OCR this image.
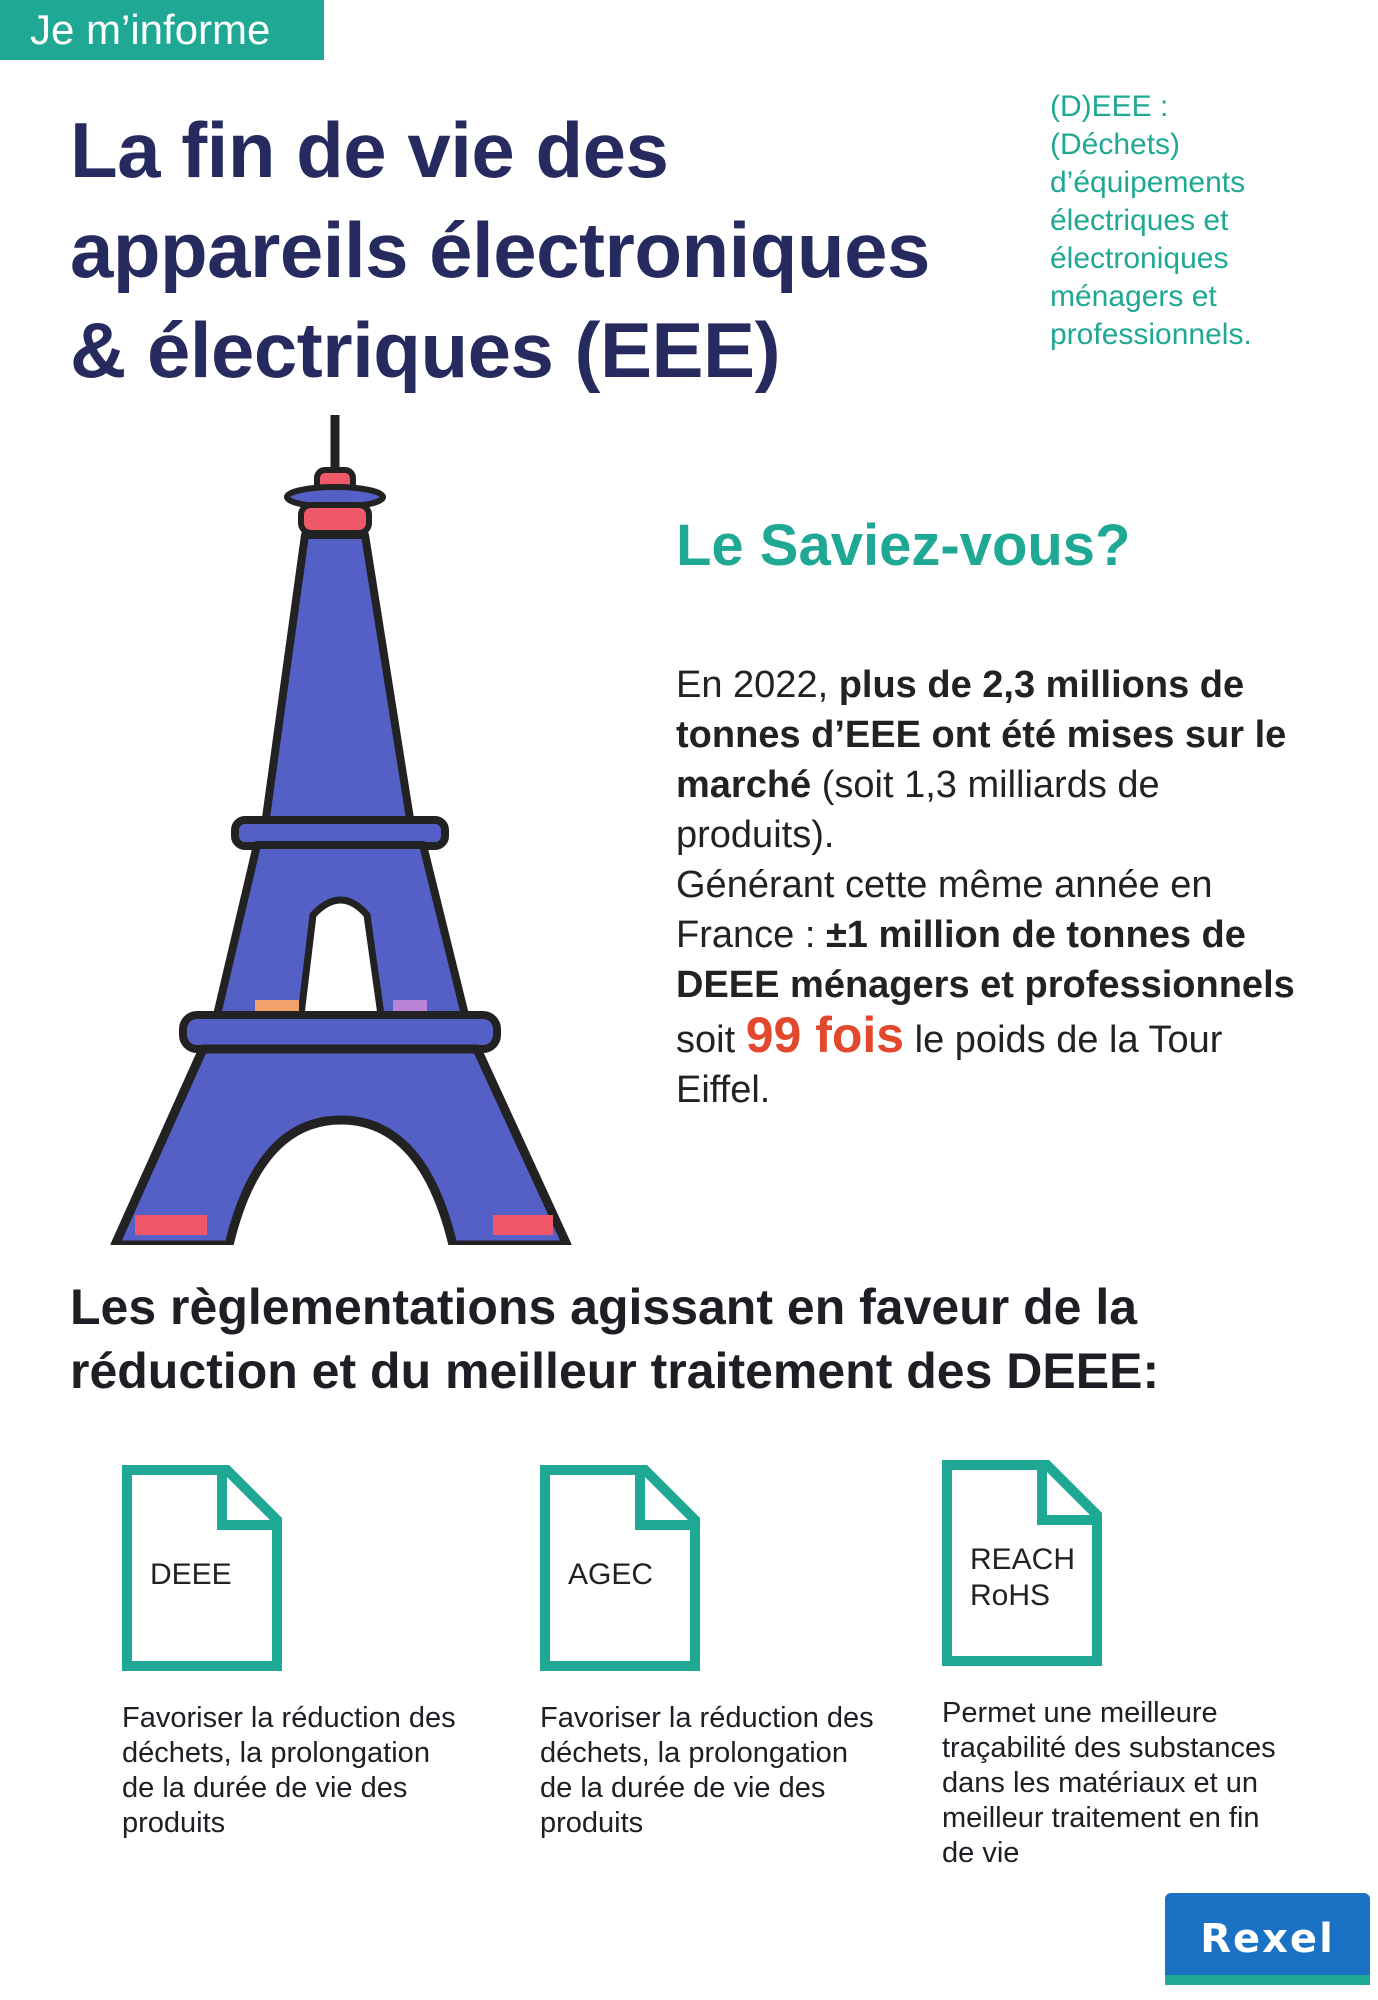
Je m’informe
La fin de vie des
appareils électroniques
& électriques (EEE)
(D)EEE :
(Déchets) d’équipements électriques et électroniques ménagers et professionnels.
Le Saviez-vous?

En 2022, plus de 2,3 millions de tonnes d’EEE ont été mises sur le marché (soit 1,3 milliards de produits).
Générant cette même année en France : ±1 million de tonnes de DEEE ménagers et professionnels soit 99 fois le poids de la Tour Eiffel.

Les règlementations agissant en faveur de la réduction et du meilleur traitement des DEEE:
DEEE
Favoriser la réduction des déchets, la prolongation de la durée de vie des produits
AGEC
Favoriser la réduction des déchets, la prolongation de la durée de vie des produits
REACH
RoHS
Permet une meilleure traçabilité des substances dans les matériaux et un meilleur traitement en fin de vie
Rexel
